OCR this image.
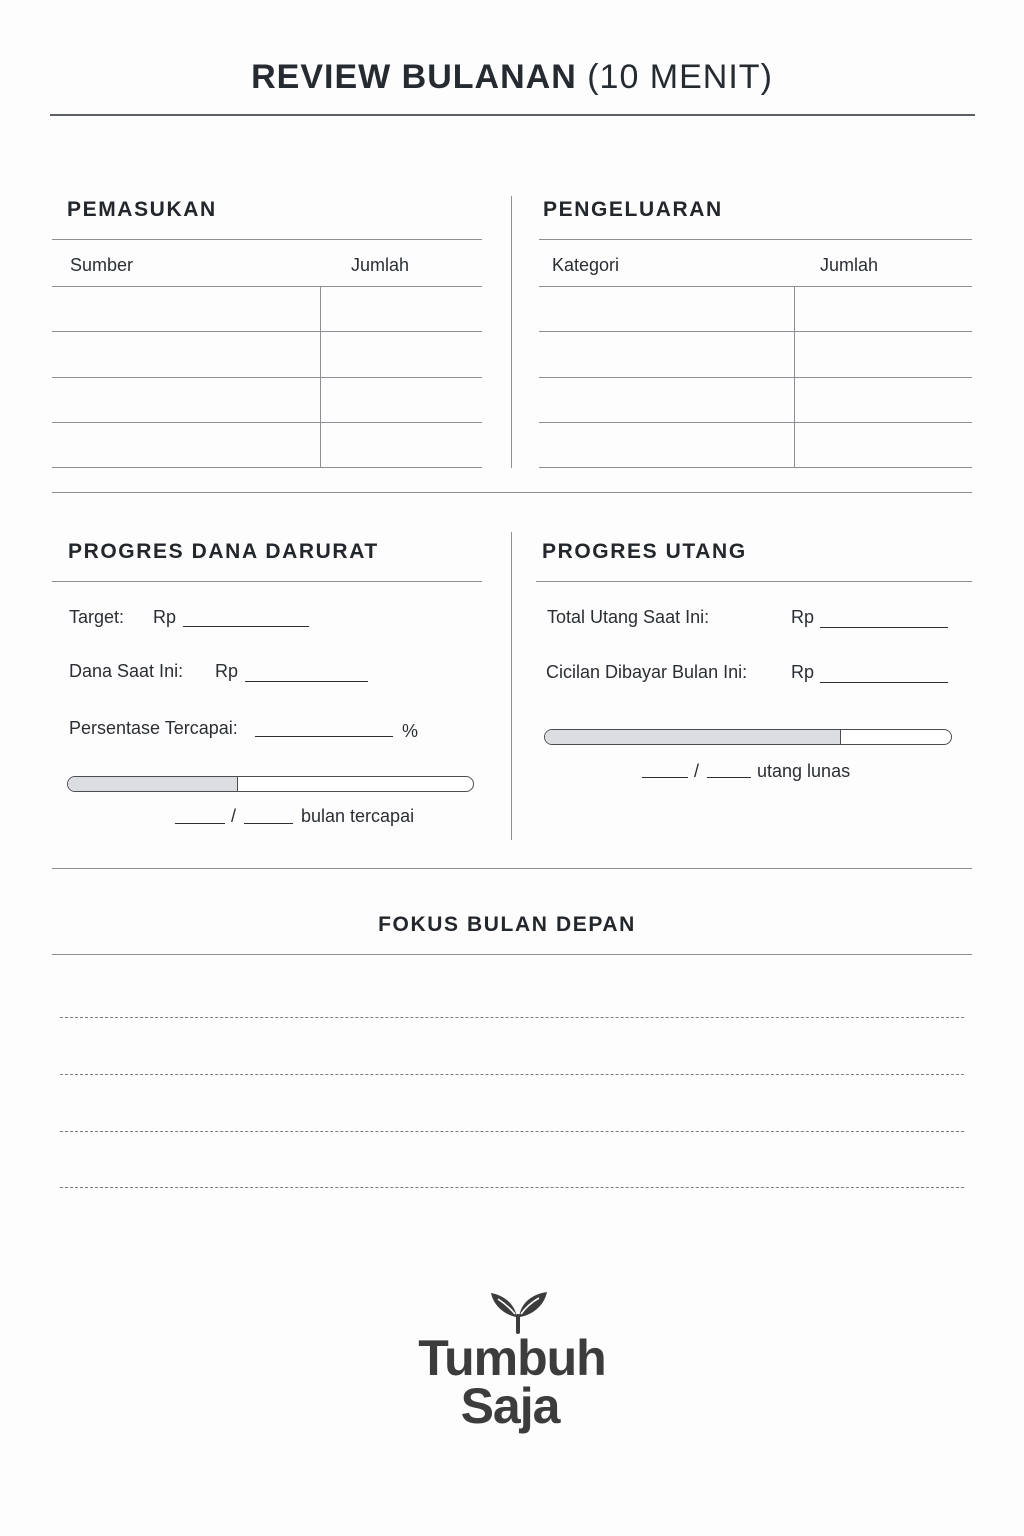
REVIEW BULANAN (10 MENIT)
PEMASUKAN
Sumber	Jumlah
PENGELUARAN
Kategori	Jumlah
PROGRES DANA DARURAT
Target: Rp
Dana Saat Ini: Rp
Persentase Tercapai:	%
/	bulan tercapai
PROGRES UTANG
Total Utang Saat Ini:	Rp
Cicilan Dibayar Bulan Ini: Rp
/	utang lunas
FOKUS BULAN DEPAN
Tumbuh
Saja
